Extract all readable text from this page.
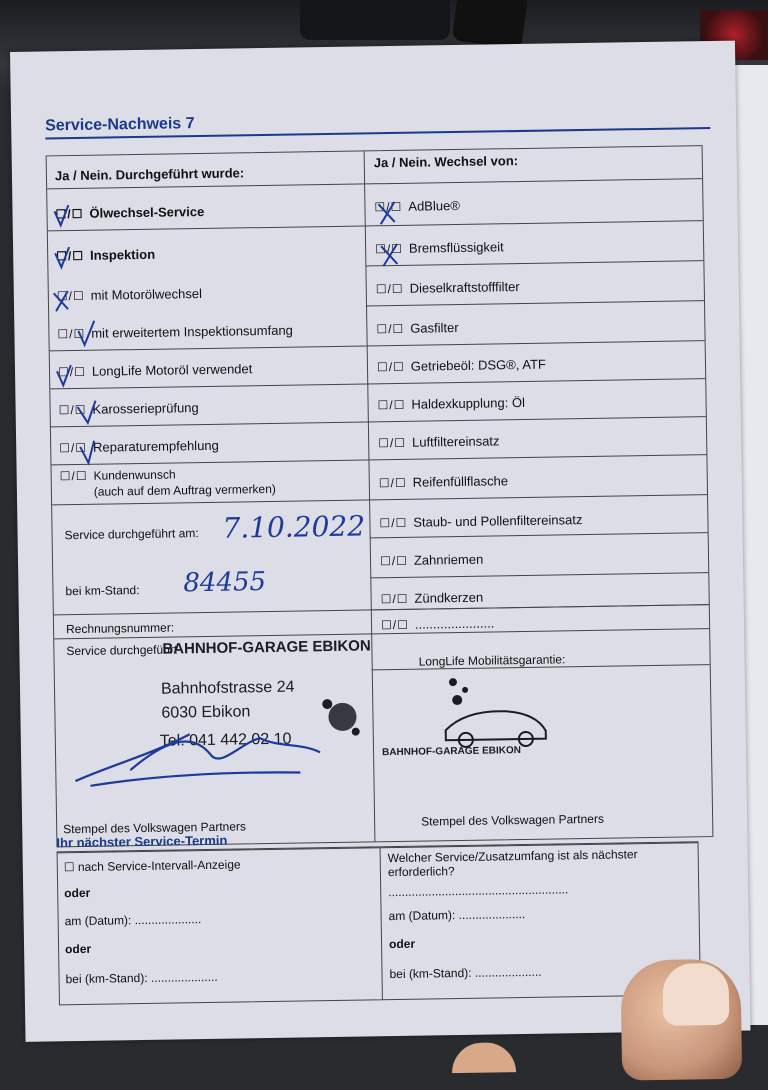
Service-Nachweis 7
Ja / Nein. Durchgeführt wurde:
Ja / Nein. Wechsel von:
☐/☐ Ölwechsel-Service
☐/☐ Inspektion
☐/☐ mit Motorölwechsel
☐/☐ mit erweitertem Inspektionsumfang
☐/☐ LongLife Motoröl verwendet
☐/☐ Karosserieprüfung
☐/☐ Reparaturempfehlung
☐/☐ Kundenwunsch
(auch auf dem Auftrag vermerken)
Service durchgeführt am: 7.10.2022
bei km-Stand: 84455
Rechnungsnummer:
Service durchgeführt
BAHNHOF-GARAGE EBIKON
Bahnhofstrasse 24
6030 Ebikon
Tel. 041 442 02 10
Stempel des Volkswagen Partners
☐/☐ AdBlue®
☐/☐ Bremsflüssigkeit
☐/☐ Dieselkraftstofffilter
☐/☐ Gasfilter
☐/☐ Getriebeöl: DSG®, ATF
☐/☐ Haldexkupplung: Öl
☐/☐ Luftfiltereinsatz
☐/☐ Reifenfüllflasche
☐/☐ Staub- und Pollenfiltereinsatz
☐/☐ Zahnriemen
☐/☐ Zündkerzen
☐/☐ ......................
LongLife Mobilitätsgarantie:
BAHNHOF-GARAGE EBIKON
Stempel des Volkswagen Partners
Ihr nächster Service-Termin
☐ nach Service-Intervall-Anzeige
oder
am (Datum): ....................
oder
bei (km-Stand): ....................
Welcher Service/Zusatzumfang ist als nächster erforderlich?
......................................................
am (Datum): ....................
oder
bei (km-Stand): ....................
